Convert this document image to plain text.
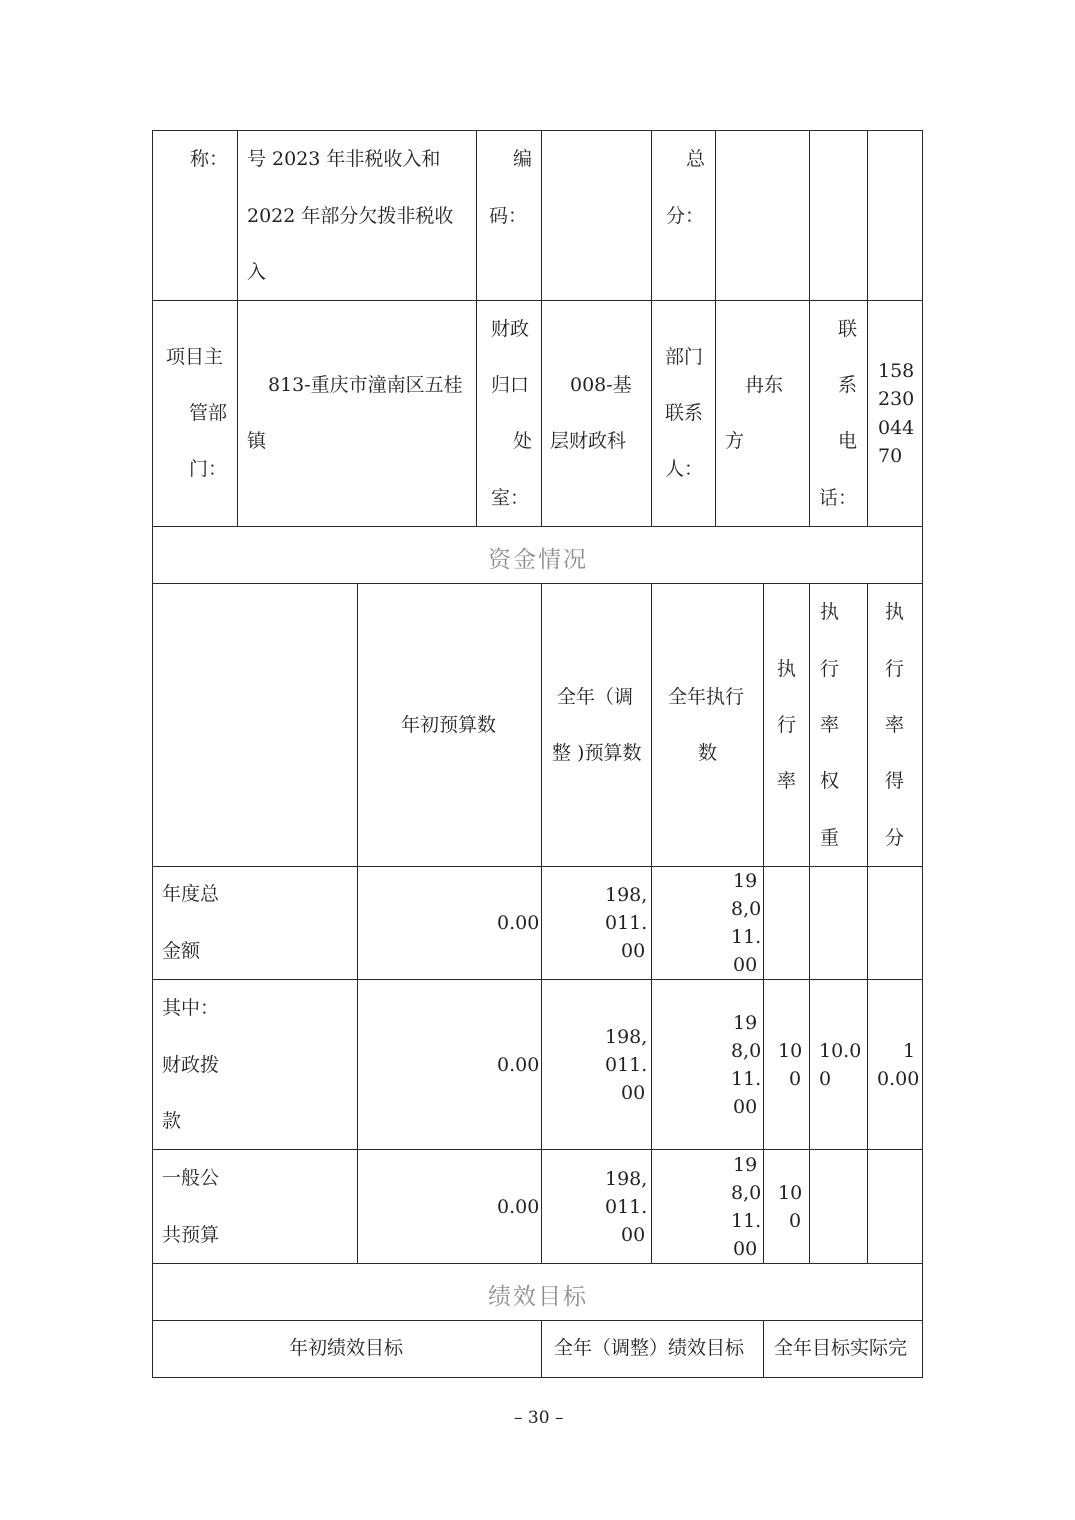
称： 号 2023 年非税收入和
2022 年部分欠拨非税收
入
编
码：
总
分：
项目主
管部
门：
813-重庆市潼南区五桂
镇
财政
归口
处
室：
008-基
层财政科
部门
联系
人：
冉东
方
联
系
电
话：
158
230
044
70
资金情况
年初预算数
全年（调
整 )预算数
全年执行
数
执
行
率
执
行
率
权
重
执
行
率
得
分
年度总
金额
0.00
198,
011.
00
19
8,0
11.
00
其中：
财政拨
款
0.00
198,
011.
00
19
8,0
11.
00
10
0
10.0
0
1
0.00
一般公
共预算
0.00
198,
011.
00
19
8,0
11.
00
10
0
绩效目标
年初绩效目标	全年（调整）绩效目标 全年目标实际完
– 30 –
